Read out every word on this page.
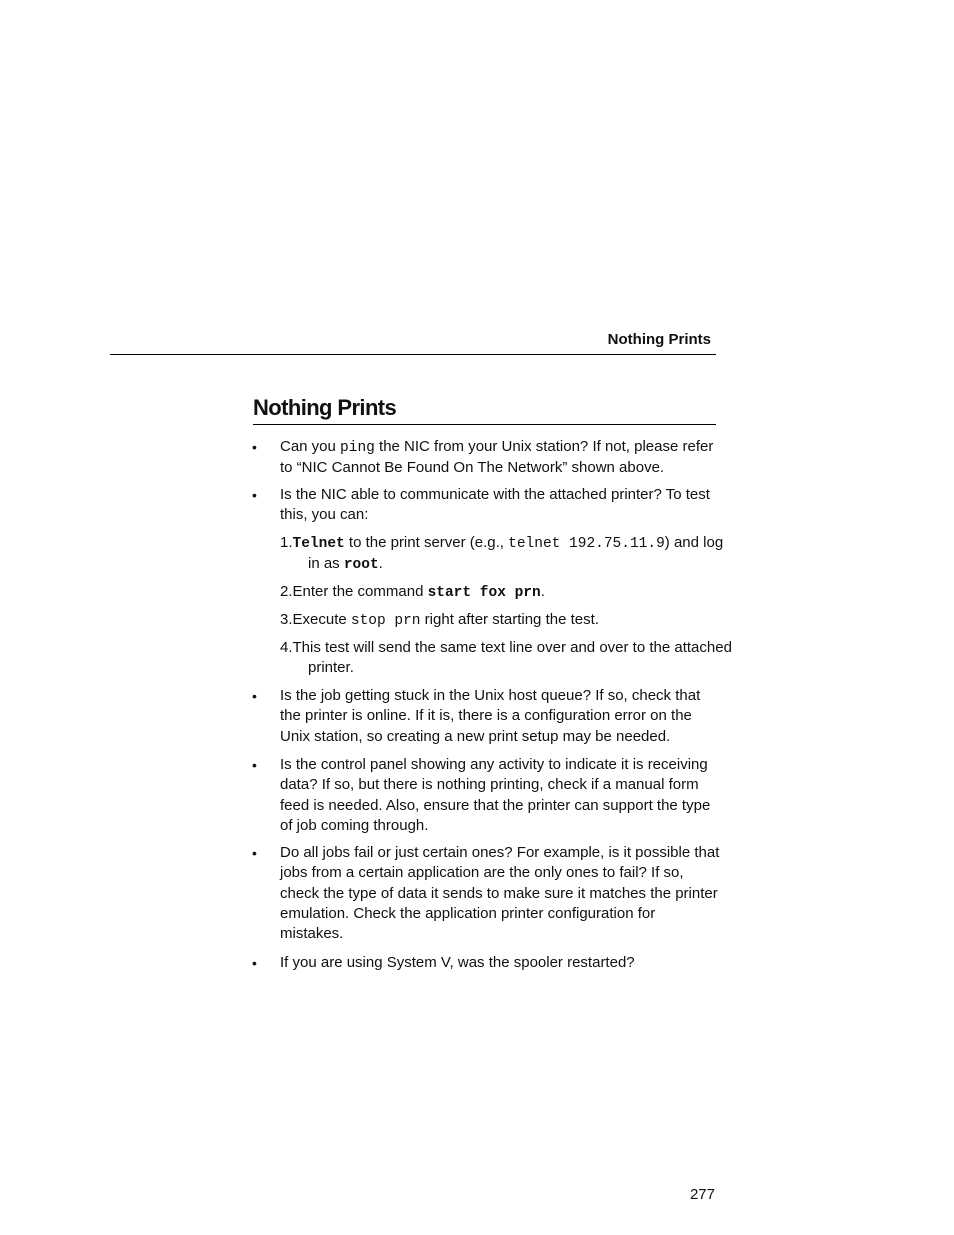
Nothing Prints
Nothing Prints
• Can you ping the NIC from your Unix station? If not, please refer to “NIC Cannot Be Found On The Network” shown above.

• Is the NIC able to communicate with the attached printer? To test this, you can:

1.Telnet to the print server (e.g., telnet 192.75.11.9) and log in as root.

2.Enter the command start fox prn.

3.Execute stop prn right after starting the test.

4.This test will send the same text line over and over to the attached printer.

• Is the job getting stuck in the Unix host queue? If so, check that the printer is online. If it is, there is a configuration error on the Unix station, so creating a new print setup may be needed.

• Is the control panel showing any activity to indicate it is receiving data? If so, but there is nothing printing, check if a manual form feed is needed. Also, ensure that the printer can support the type of job coming through.

• Do all jobs fail or just certain ones? For example, is it possible that jobs from a certain application are the only ones to fail? If so, check the type of data it sends to make sure it matches the printer emulation. Check the application printer configuration for mistakes.

• If you are using System V, was the spooler restarted?

277
